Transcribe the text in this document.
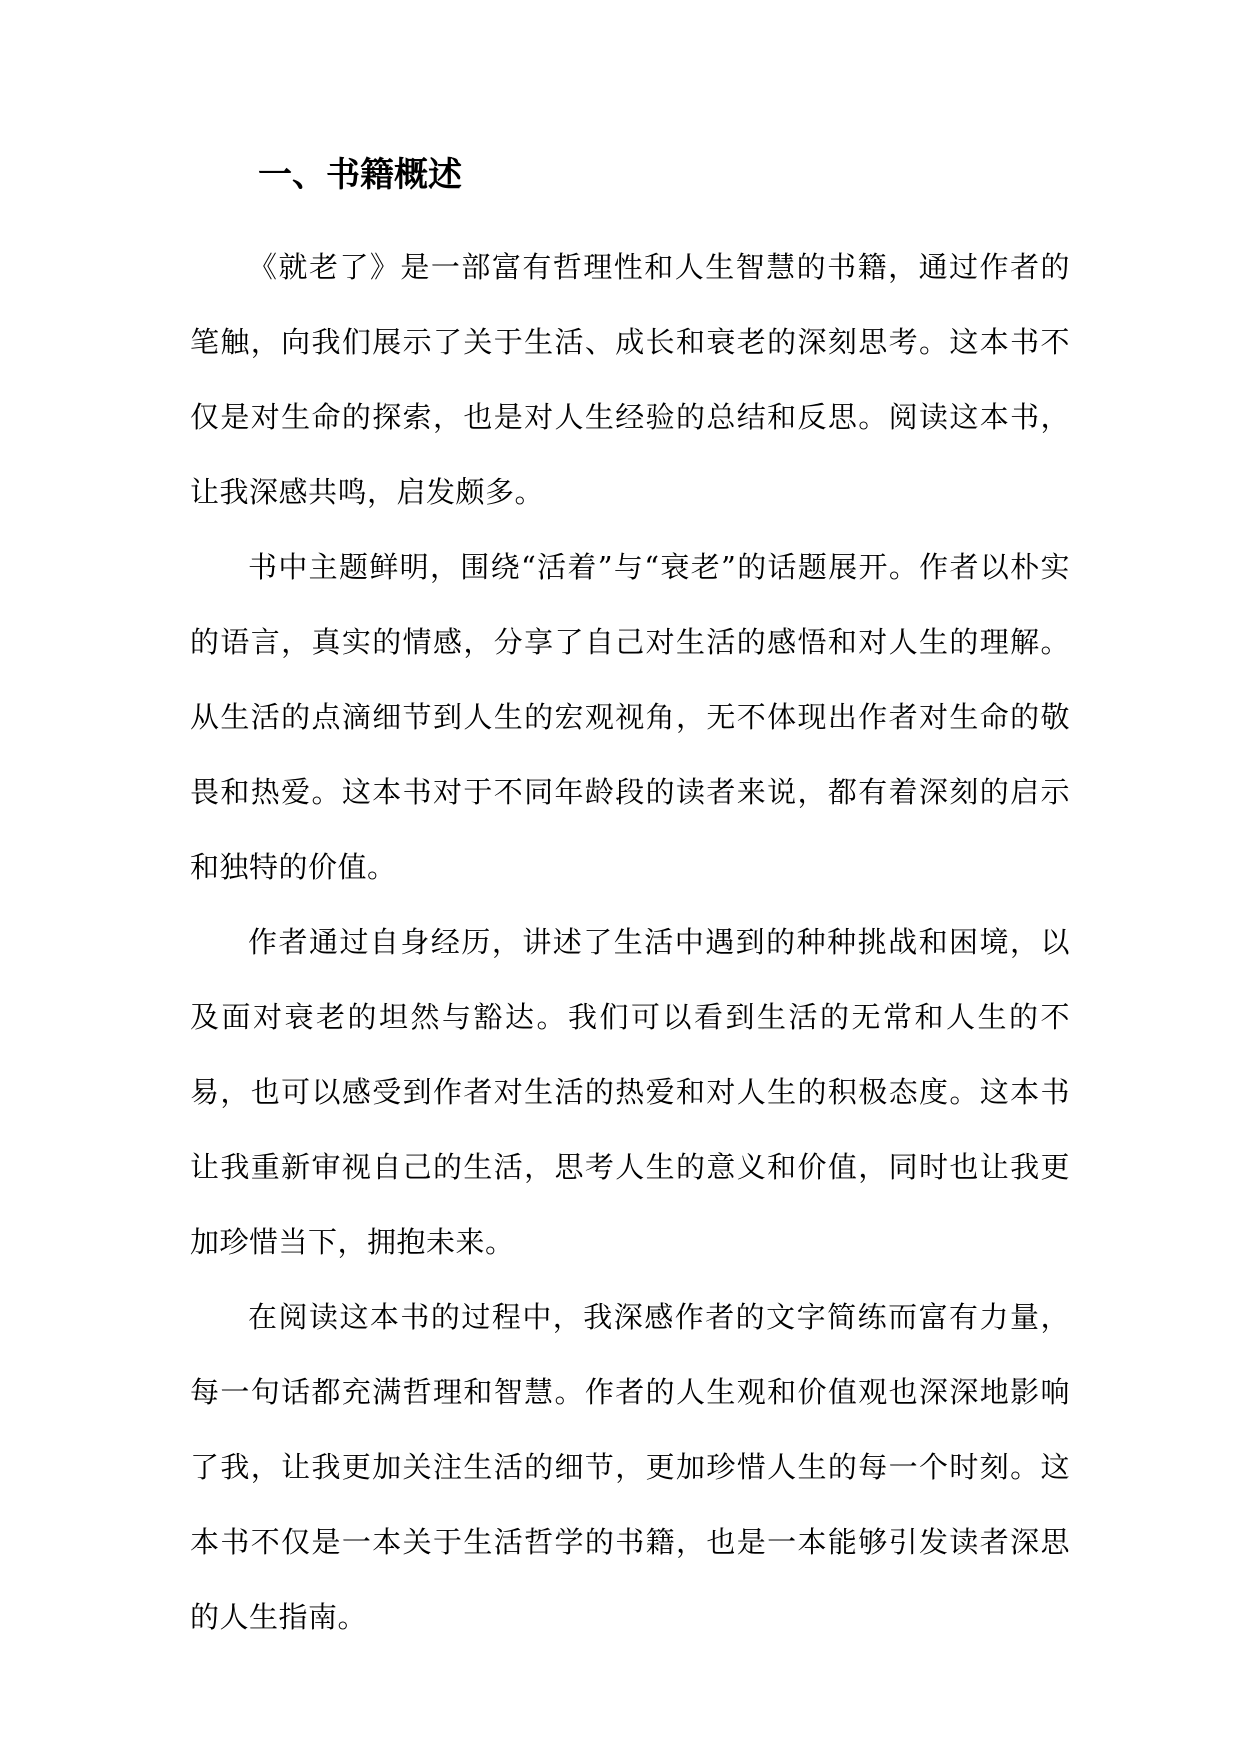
一、书籍概述

《就老了》是一部富有哲理性和人生智慧的书籍，通过作者的笔触，向我们展示了关于生活、成长和衰老的深刻思考。这本书不仅是对生命的探索，也是对人生经验的总结和反思。阅读这本书，让我深感共鸣，启发颇多。

书中主题鲜明，围绕“活着”与“衰老”的话题展开。作者以朴实的语言，真实的情感，分享了自己对生活的感悟和对人生的理解。从生活的点滴细节到人生的宏观视角，无不体现出作者对生命的敬畏和热爱。这本书对于不同年龄段的读者来说，都有着深刻的启示和独特的价值。

作者通过自身经历，讲述了生活中遇到的种种挑战和困境，以及面对衰老的坦然与豁达。我们可以看到生活的无常和人生的不易，也可以感受到作者对生活的热爱和对人生的积极态度。这本书让我重新审视自己的生活，思考人生的意义和价值，同时也让我更加珍惜当下，拥抱未来。

在阅读这本书的过程中，我深感作者的文字简练而富有力量，每一句话都充满哲理和智慧。作者的人生观和价值观也深深地影响了我，让我更加关注生活的细节，更加珍惜人生的每一个时刻。这本书不仅是一本关于生活哲学的书籍，也是一本能够引发读者深思的人生指南。
